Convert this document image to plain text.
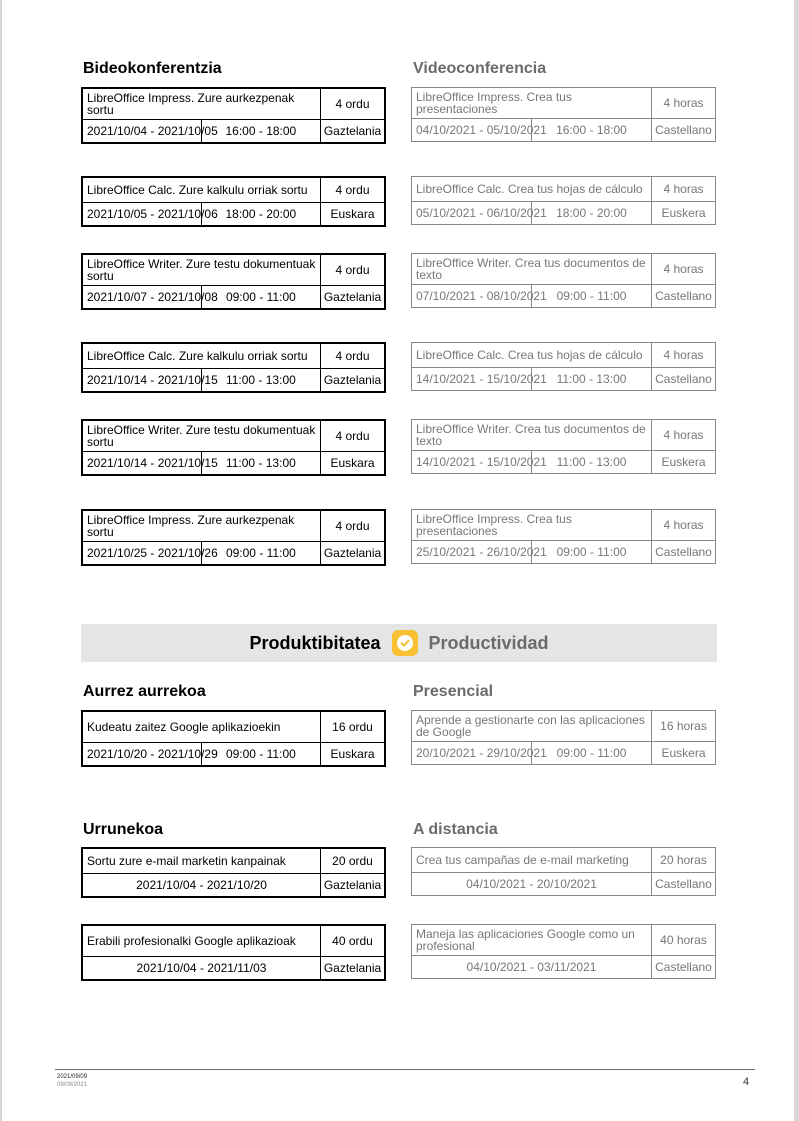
Bideokonferentzia	Videoconferencia
LibreOffice Impress. Zure aurkezpenak sortu		4 ordu
2021/10/04 - 2021/10/05	16:00 - 18:00	Gaztelania
LibreOffice Impress. Crea tus presentaciones		4 horas
04/10/2021 - 05/10/2021	16:00 - 18:00	Castellano
LibreOffice Calc. Zure kalkulu orriak sortu		4 ordu
2021/10/05 - 2021/10/06	18:00 - 20:00	Euskara
LibreOffice Calc. Crea tus hojas de cálculo		4 horas
05/10/2021 - 06/10/2021	18:00 - 20:00	Euskera
LibreOffice Writer. Zure testu dokumentuak sortu		4 ordu
2021/10/07 - 2021/10/08	09:00 - 11:00	Gaztelania
LibreOffice Writer. Crea tus documentos de texto		4 horas
07/10/2021 - 08/10/2021	09:00 - 11:00	Castellano
LibreOffice Calc. Zure kalkulu orriak sortu		4 ordu
2021/10/14 - 2021/10/15	11:00 - 13:00	Gaztelania
LibreOffice Calc. Crea tus hojas de cálculo		4 horas
14/10/2021 - 15/10/2021	11:00 - 13:00	Castellano
LibreOffice Writer. Zure testu dokumentuak sortu		4 ordu
2021/10/14 - 2021/10/15	11:00 - 13:00	Euskara
LibreOffice Writer. Crea tus documentos de texto		4 horas
14/10/2021 - 15/10/2021	11:00 - 13:00	Euskera
LibreOffice Impress. Zure aurkezpenak sortu		4 ordu
2021/10/25 - 2021/10/26	09:00 - 11:00	Gaztelania
LibreOffice Impress. Crea tus presentaciones		4 horas
25/10/2021 - 26/10/2021	09:00 - 11:00	Castellano
Produktibitatea	Productividad
Aurrez aurrekoa	Presencial
Urrunekoa	A distancia
Kudeatu zaitez Google aplikazioekin		16 ordu
2021/10/20 - 2021/10/29	09:00 - 11:00	Euskara
Aprende a gestionarte con las aplicaciones de Google		16 horas
20/10/2021 - 29/10/2021	09:00 - 11:00	Euskera
Sortu zure e-mail marketin kanpainak	20 ordu
2021/10/04 - 2021/10/20	Gaztelania
Crea tus campañas de e-mail marketing	20 horas
04/10/2021 - 20/10/2021	Castellano
Erabili profesionalki Google aplikazioak	40 ordu
2021/10/04 - 2021/11/03	Gaztelania
Maneja las aplicaciones Google como un profesional	40 horas
04/10/2021 - 03/11/2021	Castellano
2021/09/09
09/09/2021	4
